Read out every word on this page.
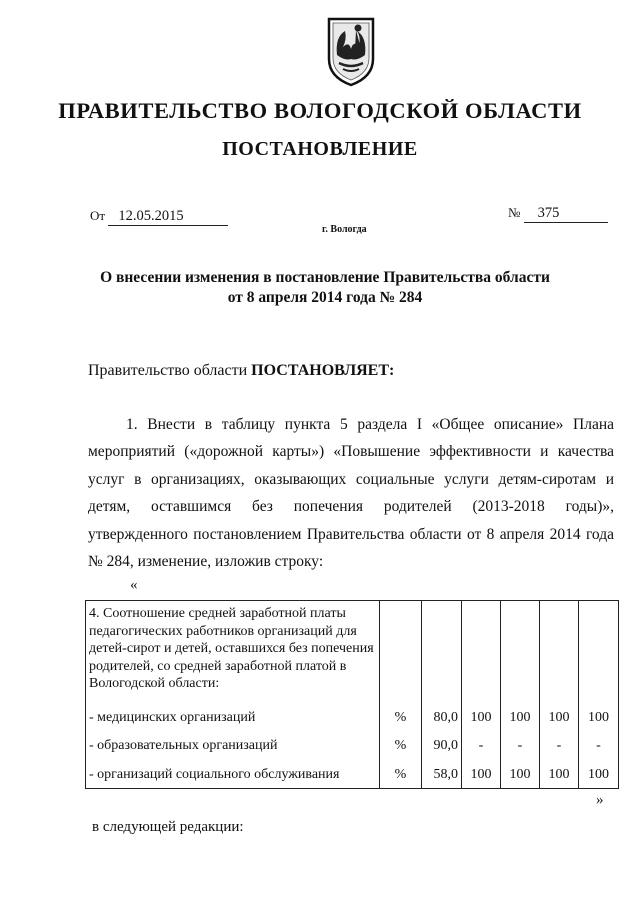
ПРАВИТЕЛЬСТВО ВОЛОГОДСКОЙ ОБЛАСТИ
ПОСТАНОВЛЕНИЕ
От 12.05.2015	№ 375
г. Вологда
О внесении изменения в постановление Правительства области
от 8 апреля 2014 года № 284
Правительство области ПОСТАНОВЛЯЕТ:

1. Внести в таблицу пункта 5 раздела I «Общее описание» Плана мероприятий («дорожной карты») «Повышение эффективности и качества услуг в организациях, оказывающих социальные услуги детям-сиротам и детям, оставшимся без попечения родителей (2013-2018 годы)», утвержденного постановлением Правительства области от 8 апреля 2014 года № 284, изменение, изложив строку:

«
4. Соотношение средней заработной платы педагогических работников организаций для детей-сирот и детей, оставшихся без попечения родителей, со средней заработной платой в Вологодской области:						
- медицинских организаций	%	80,0	100	100	100	100
- образовательных организаций	%	90,0	-	-	-	-
- организаций социального обслуживания	%	58,0	100	100	100	100
»
в следующей редакции:
